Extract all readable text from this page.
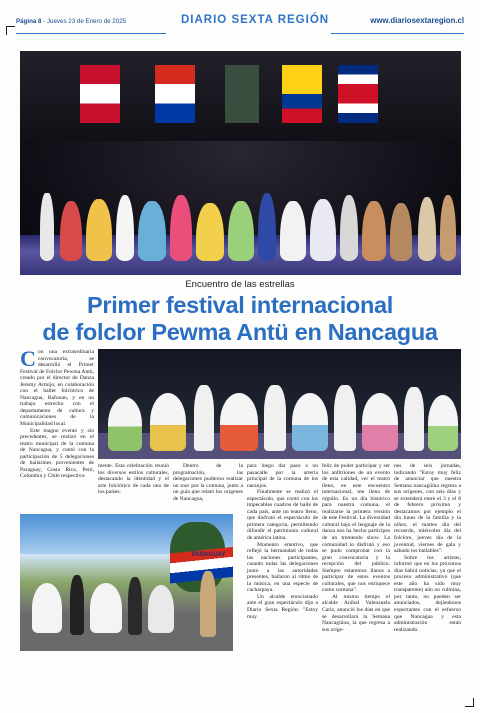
Página 8 - Jueves 23 de Enero de 2025	DIARIO SEXTA REGIÓN	www.diariosextaregion.cl
Encuentro de las estrellas
Primer festival internacional
de folclor Pewma Antü en Nancagua
PARAGUAY

Con una extraordinaria convocatoria, se desarrolló el Primer Festival de Folclor Pewma Antü, creado por el director de Danza Jeremy Armijo, en colaboración con el ballet folclórico de Nancagua, Bafonan, y en un trabajo estrecho con el departamento de cultura y comunicaciones de la Municipalidad local.

Este magno evento y sin precedentes, se realizó en el teatro municipal de la comuna de Nancagua, y contó con la participación de 5 delegaciones de bailarines provenientes de Paraguay, Costa Rica, Perú, Colombia y Chile respectiva-

mente. Esta celebración reunió los diversos estilos culturales, destacando la identidad y el arte folclórico de cada uno de los países.

Dentro de la programación, las delegaciones pudieron realizar un tour por la comuna, junto a un guía que relató los orígenes de Nancagua,

para luego dar paso a un pasacalle por la arteria principal de la comuna de los naranjos.

Finalmente se realizó el espectáculo, que contó con los impecables cuadros de baile de cada país, ante un teatro lleno, que disfrutó el espectáculo de primera categoría, permitiendo difundir el patrimonio cultural de américa latina.

Momento emotivo, que reflejó la hermandad de todas las naciones participantes, cuando todas las delegaciones junto a las autoridades presentes, bailaron al ritmo de la música, en una especie de cacharpaya.

Un alcalde emocionado ante el gran espectáculo dijo a Diario Sexta Región: "Estoy muy

feliz de poder participar y ser los anfitriones de un evento de esta calidad, ver el teatro lleno, en este encuentro internacional, me llena de orgullo. Es un día histórico para nuestra comuna, el realizarse la primera versión de este Festival. La diversidad cultural bajo el lenguaje de la danza nos ha hecho partícipes de un tremendo show. La comunidad lo disfrutó y eso se pudo comprobar con la gran convocatoria y la recepción del público. Siempre estaremos llanos a participar de estos eventos culturales, que nos enriquece como comuna".

Al mismo tiempo el alcalde Aníbal Valenzuela Cariz, anunció los días en que se desarrollará la Semana Nancagüina, la que regresa a sus oríge-

nes de seis jornadas, indicando "Estoy muy feliz de anunciar que nuestra Semana nancagüina regresa a sus orígenes, con seis días y se extenderá entre el 3 y el 8 de febrero próximo y destacamos por ejemplo el día lunes de la familia y la niñez, el martes día del recuerdo, miércoles día del folclore, jueves día de la juventud, viernes de gala y sábado los bailables".

Sobre los artistas, informó que en los próximos días habrá noticias, ya que el proceso administrativo (que este año ha sido muy transparente) aún no culmina, por tanto, no pueden ser anunciados, dejándonos expectantes con el esfuerzo que Nancagua y esta administración están realizando.
